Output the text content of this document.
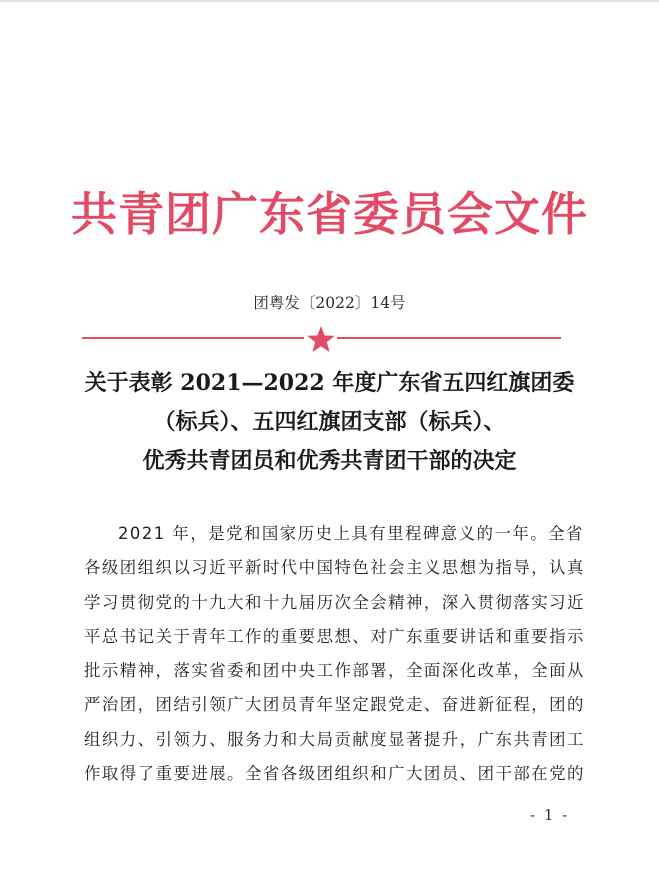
共青团广东省委员会文件
团粤发〔2022〕14号
关于表彰 2021—2022 年度广东省五四红旗团委
（标兵）、五四红旗团支部（标兵）、
优秀共青团员和优秀共青团干部的决定
2021 年，是党和国家历史上具有里程碑意义的一年。全省
各级团组织以习近平新时代中国特色社会主义思想为指导，认真
学习贯彻党的十九大和十九届历次全会精神，深入贯彻落实习近
平总书记关于青年工作的重要思想、对广东重要讲话和重要指示
批示精神，落实省委和团中央工作部署，全面深化改革，全面从
严治团，团结引领广大团员青年坚定跟党走、奋进新征程，团的
组织力、引领力、服务力和大局贡献度显著提升，广东共青团工
作取得了重要进展。全省各级团组织和广大团员、团干部在党的
- 1 -
